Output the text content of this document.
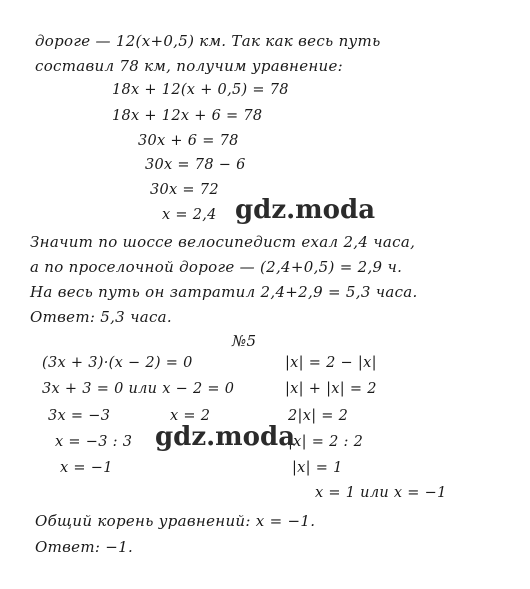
дороге — 12(x+0,5) км. Так как весь путь
составил 78 км, получим уравнение:
18x + 12(x + 0,5) = 78
18x + 12x + 6 = 78
30x + 6 = 78
30x = 78 − 6
30x = 72
x = 2,4 gdz.moda
Значит по шоссе велосипедист ехал 2,4 часа,
а по проселочной дороге — (2,4+0,5) = 2,9 ч.
На весь путь он затратил 2,4+2,9 = 5,3 часа.
Ответ: 5,3 часа.
№5
(3x + 3)·(x − 2) = 0
3x + 3 = 0 или x − 2 = 0
3x = −3
x = −3 : 3
x = −1
x = 2
|x| = 2 − |x|
|x| + |x| = 2
2|x| = 2
|x| = 2 : 2
|x| = 1
x = 1 или x = −1
gdz.moda
Общий корень уравнений: x = −1.
Ответ: −1.
